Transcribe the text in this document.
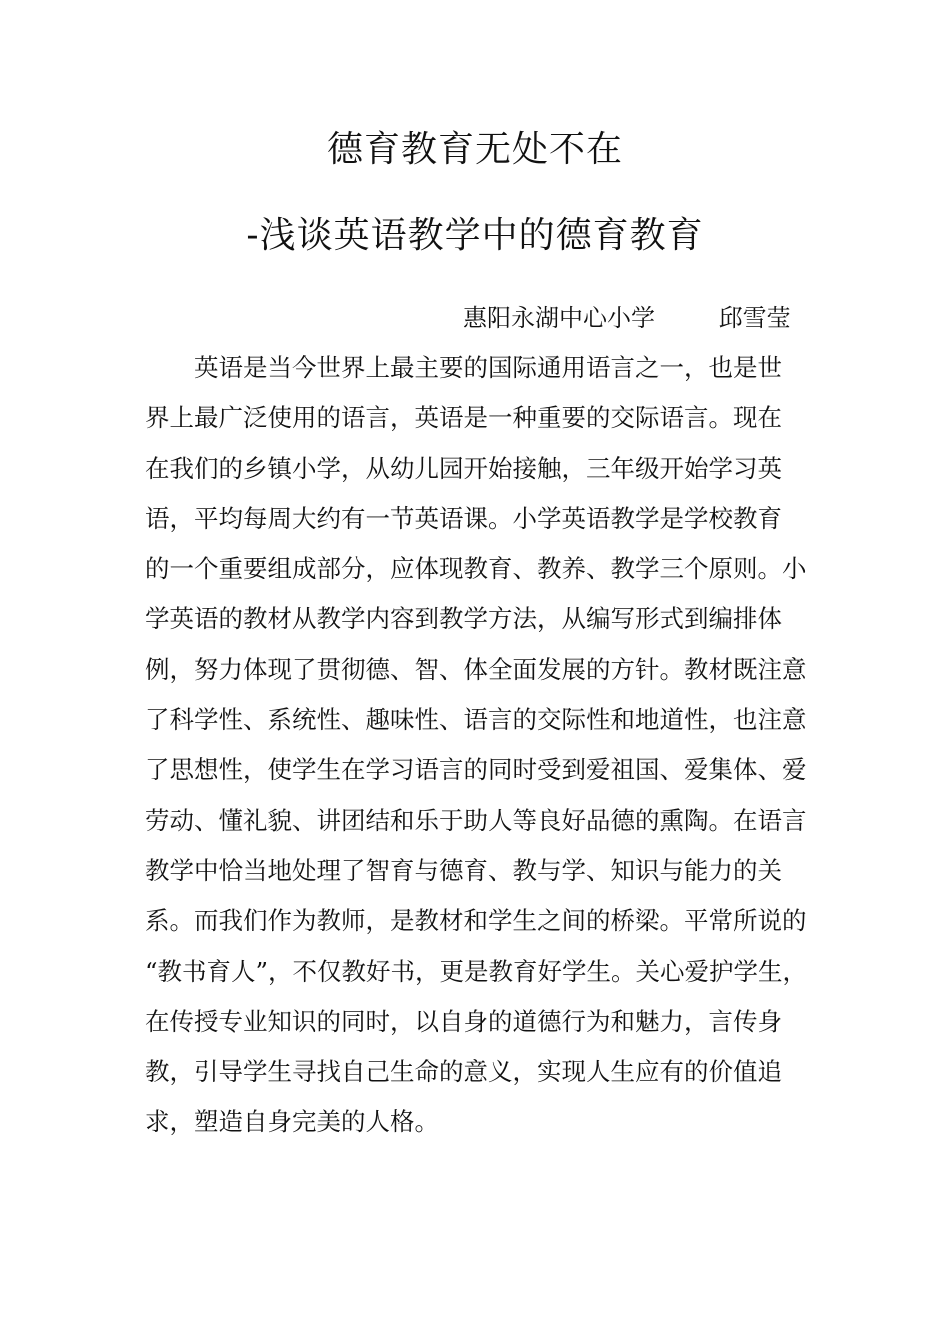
德育教育无处不在
-浅谈英语教学中的德育教育
惠阳永湖中心小学	邱雪莹
英语是当今世界上最主要的国际通用语言之一，也是世
界上最广泛使用的语言，英语是一种重要的交际语言。现在
在我们的乡镇小学，从幼儿园开始接触，三年级开始学习英
语，平均每周大约有一节英语课。小学英语教学是学校教育
的一个重要组成部分，应体现教育、教养、教学三个原则。小
学英语的教材从教学内容到教学方法，从编写形式到编排体
例，努力体现了贯彻德、智、体全面发展的方针。教材既注意
了科学性、系统性、趣味性、语言的交际性和地道性，也注意
了思想性，使学生在学习语言的同时受到爱祖国、爱集体、爱
劳动、懂礼貌、讲团结和乐于助人等良好品德的熏陶。在语言
教学中恰当地处理了智育与德育、教与学、知识与能力的关
系。而我们作为教师，是教材和学生之间的桥梁。平常所说的
“教书育人”，不仅教好书，更是教育好学生。关心爱护学生，
在传授专业知识的同时，以自身的道德行为和魅力，言传身
教，引导学生寻找自己生命的意义，实现人生应有的价值追
求，塑造自身完美的人格。
